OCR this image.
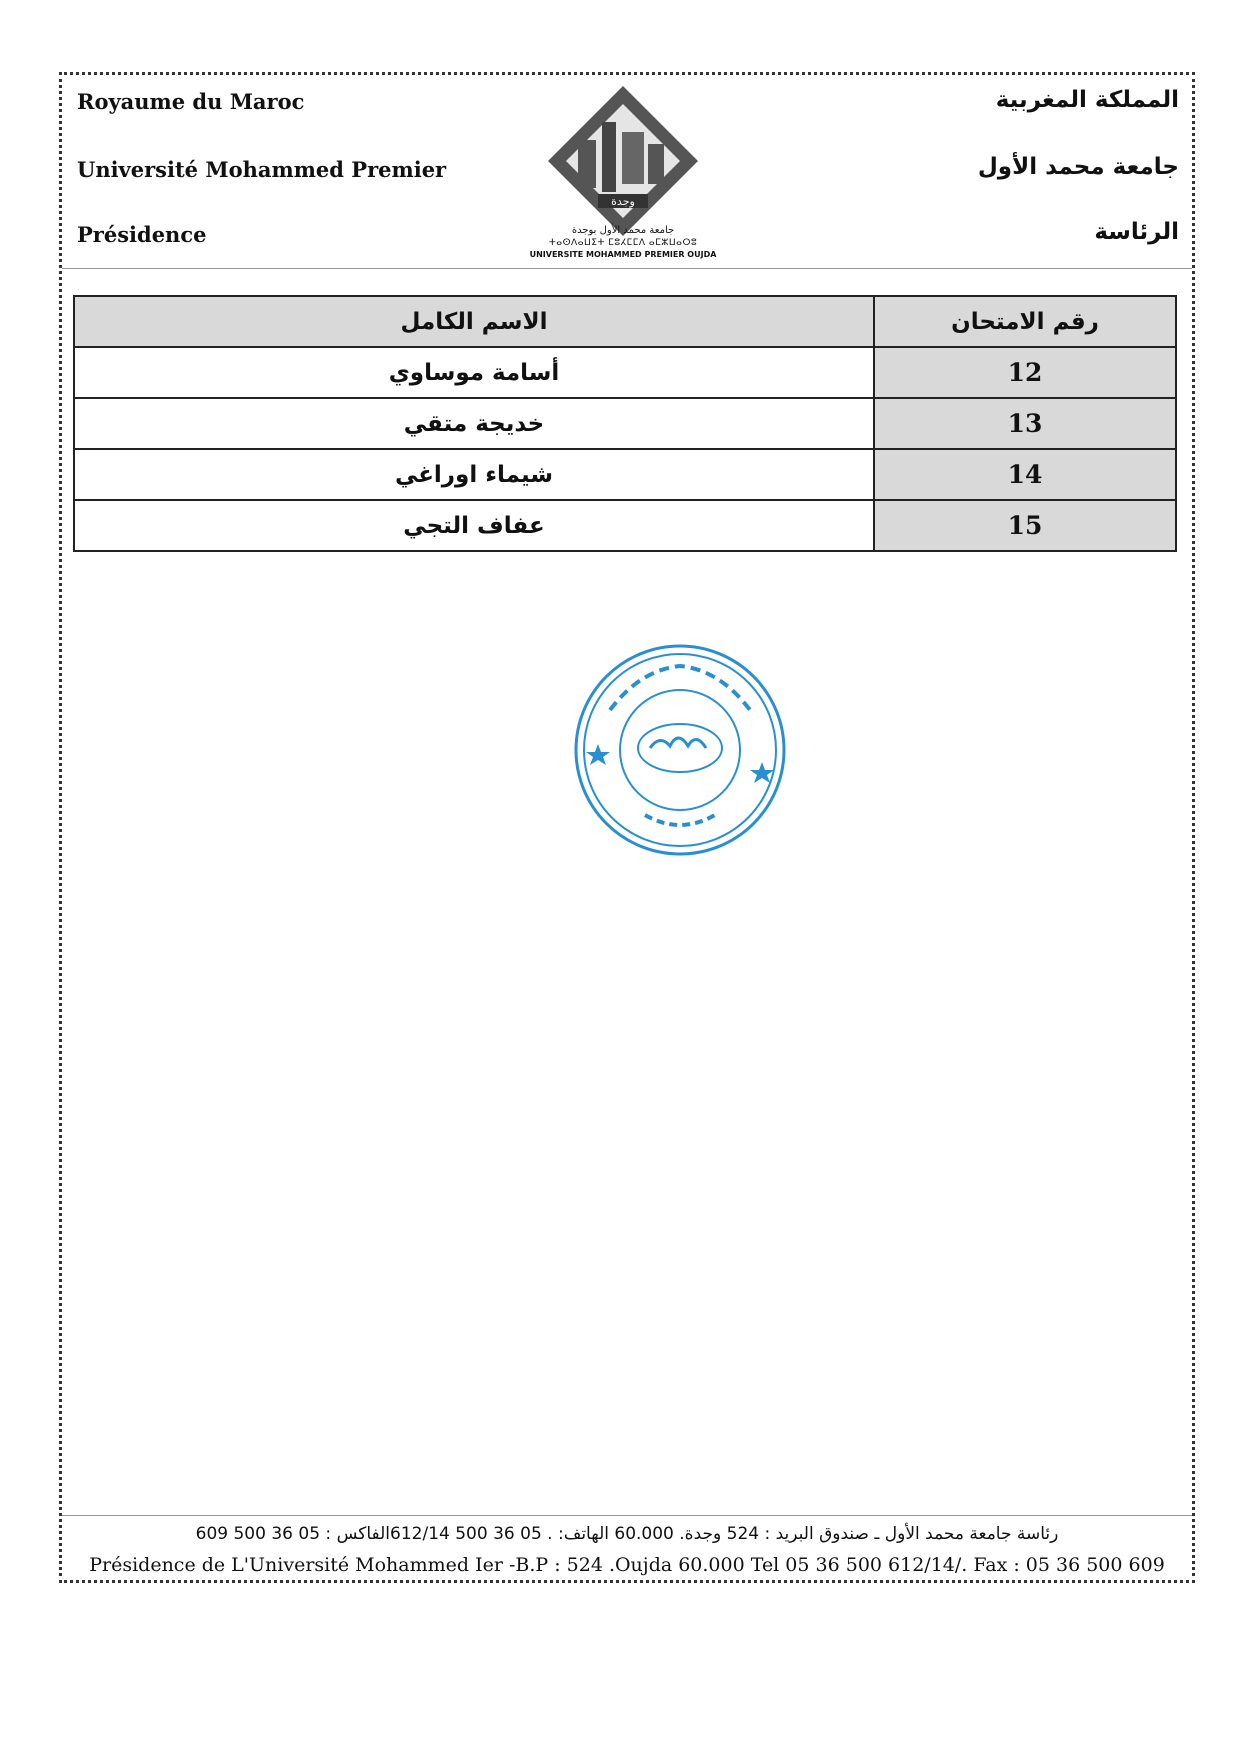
Royaume du Maroc
Université Mohammed Premier
Présidence
المملكة المغربية
جامعة محمد الأول
الرئاسة
وجدة
جامعة محمد الأول بوجدة
ⵜⴰⵙⴷⴰⵡⵉⵜ ⵎⵓⵃⵎⵎⴷ ⴰⵎⵣⵡⴰⵔⵓ
UNIVERSITE MOHAMMED PREMIER OUJDA
رقم الامتحان	الاسم الكامل
12	أسامة موساوي
13	خديجة متقي
14	شيماء اوراغي
15	عفاف التجي
رئاسة جامعة محمد الأول ـ صندوق البريد : 524 وجدة. 60.000 الهاتف: . 05 36 500 612/14الفاكس : 05 36 500 609
Présidence de L'Université Mohammed Ier -B.P : 524 .Oujda 60.000 Tel 05 36 500 612/14/. Fax : 05 36 500 609
